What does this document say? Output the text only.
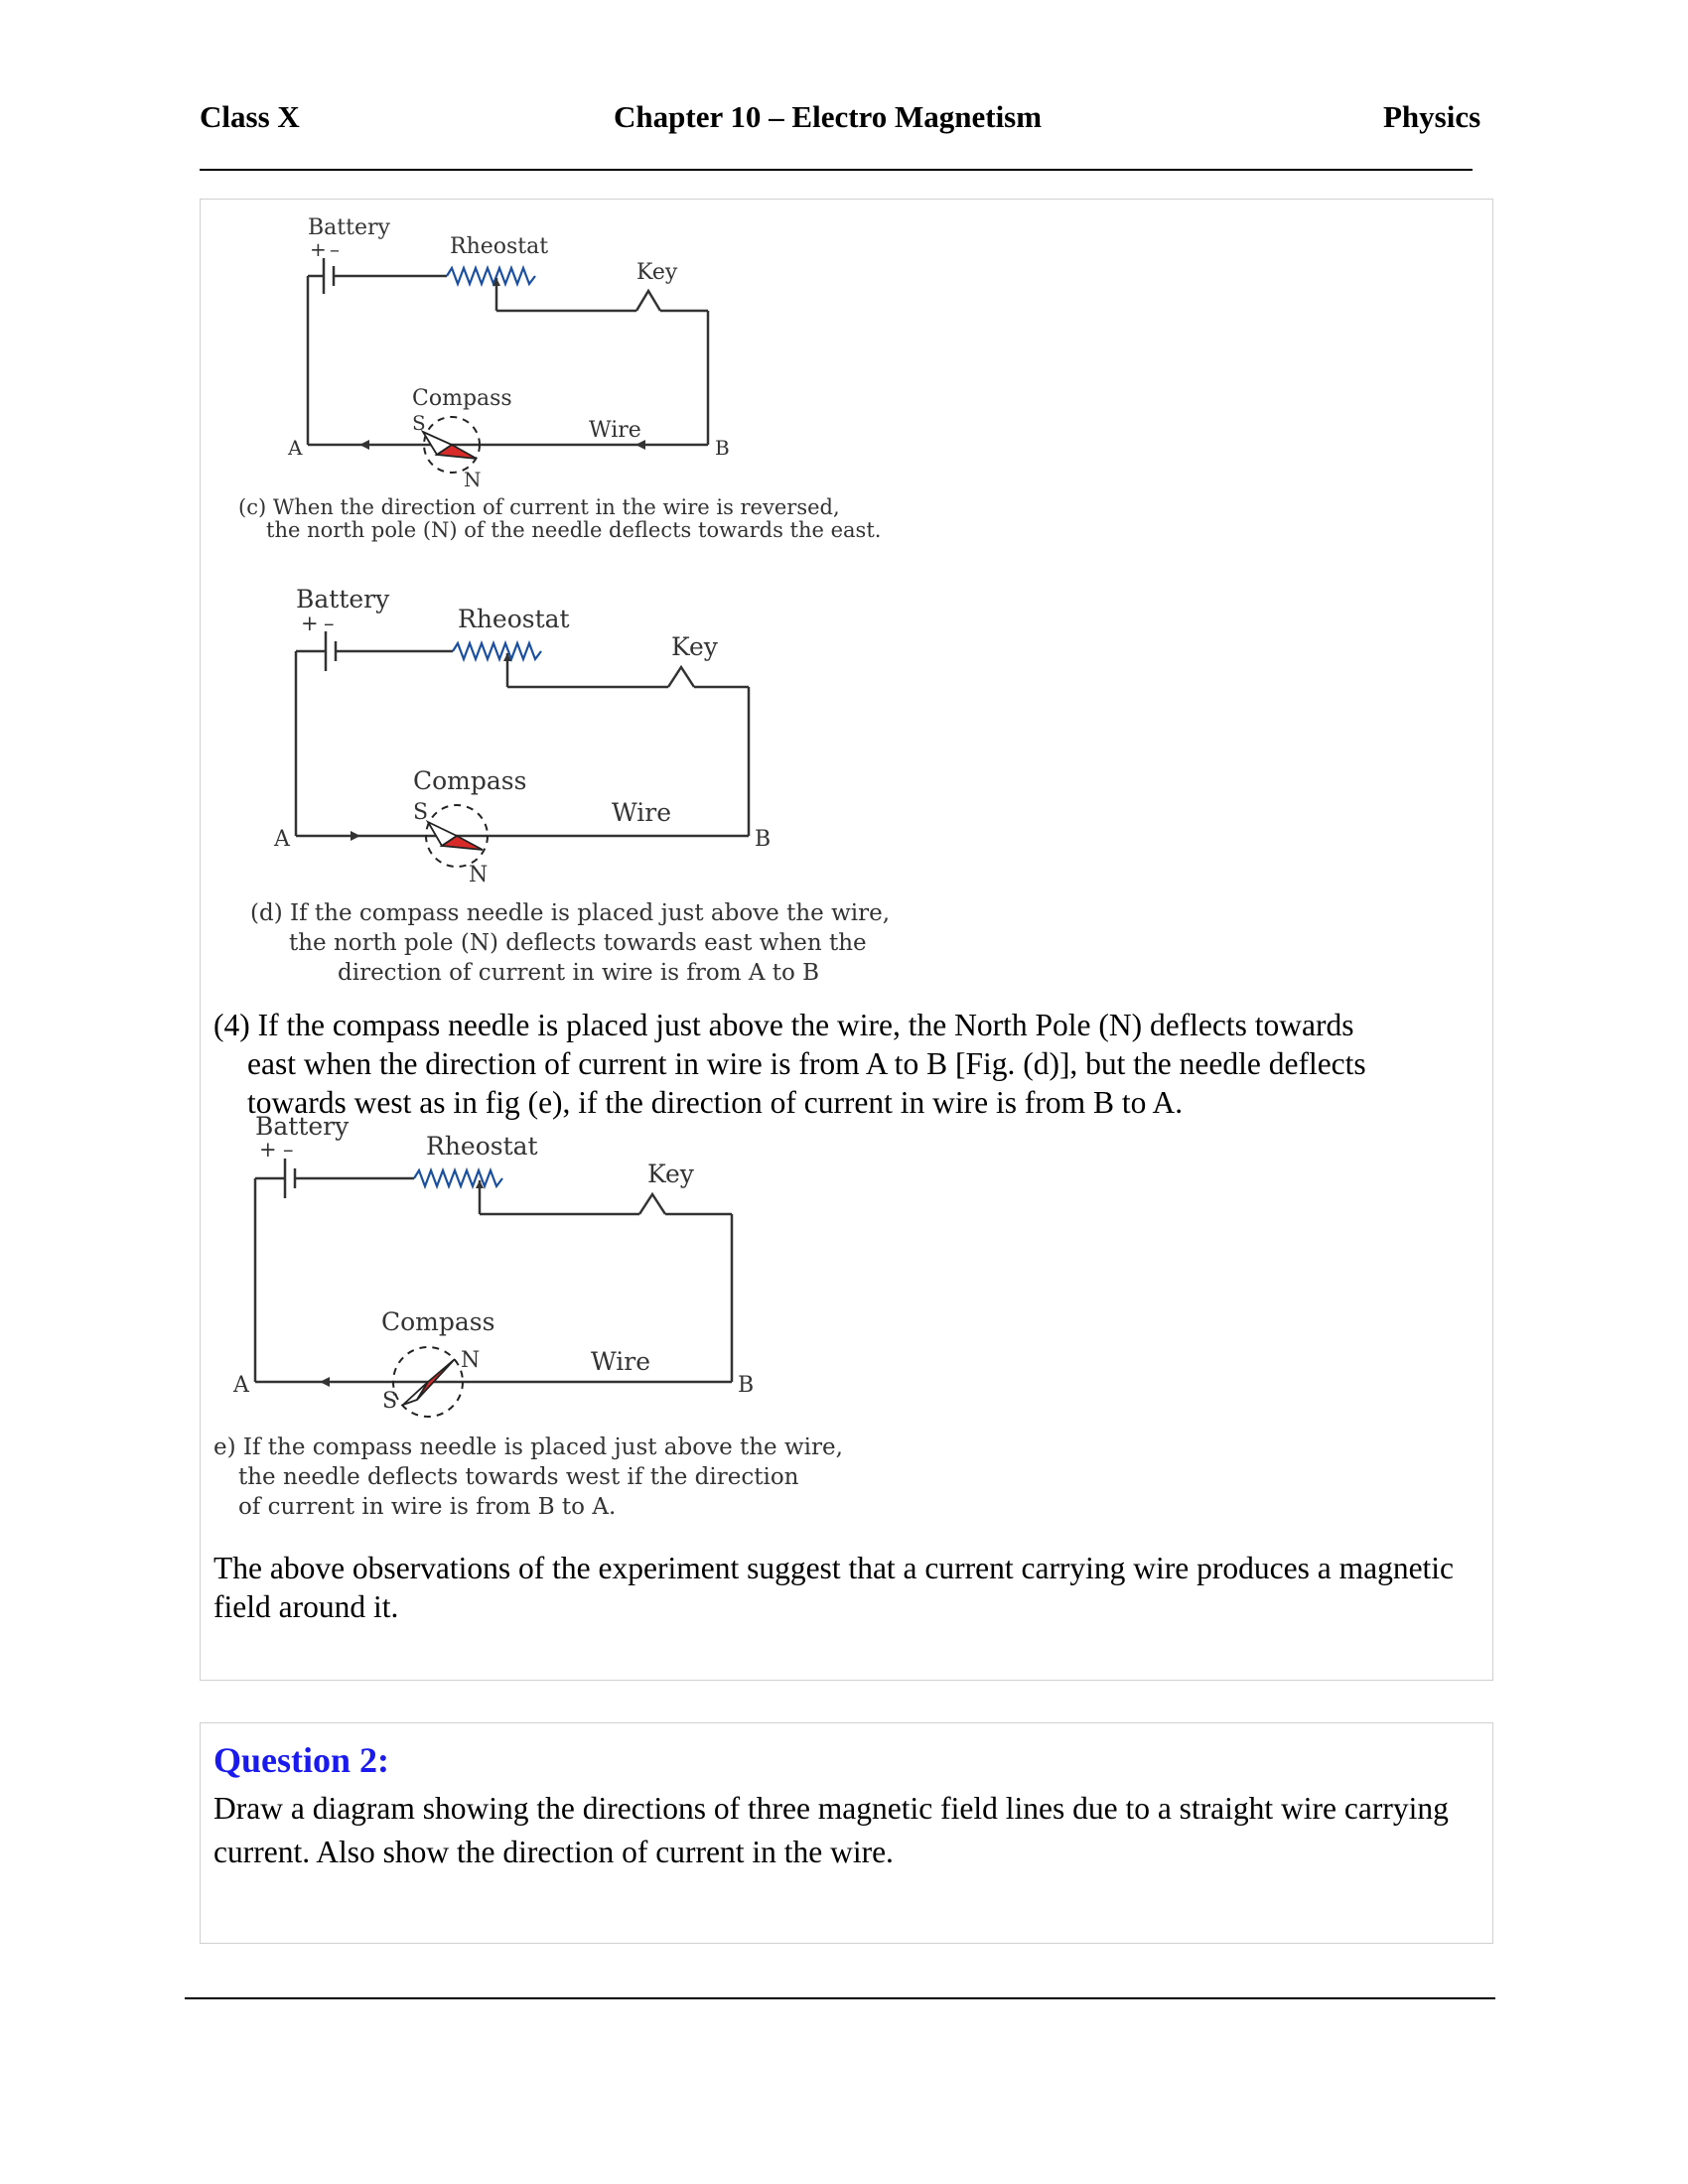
Class X	Chapter 10 – Electro Magnetism	Physics
Battery
+ –	Rheostat
Key
Compass
S
N
Wire
A	B
(c) When the direction of current in the wire is reversed,
the north pole (N) of the needle deflects towards the east.
Battery
+ –	Rheostat
Key
Compass
S
N
Wire
A	B
(d) If the compass needle is placed just above the wire,
the north pole (N) deflects towards east when the
direction of current in wire is from A to B
(4) If the compass needle is placed just above the wire, the North Pole (N) deflects towards
east when the direction of current in wire is from A to B [Fig. (d)], but the needle deflects
towards west as in fig (e), if the direction of current in wire is from B to A.
Battery
+ –	Rheostat
Key
Compass
N
S
Wire
A	B
e) If the compass needle is placed just above the wire,
the needle deflects towards west if the direction
of current in wire is from B to A.
The above observations of the experiment suggest that a current carrying wire produces a magnetic field around it.
Question 2:
Draw a diagram showing the directions of three magnetic field lines due to a straight wire carrying current. Also show the direction of current in the wire.
